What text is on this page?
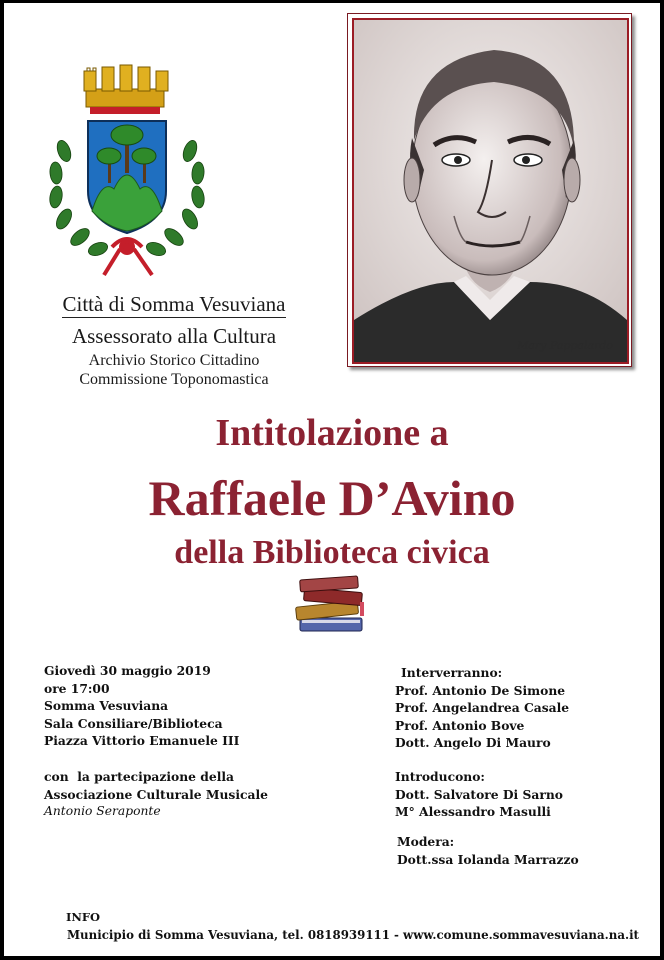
Città di Somma Vesuviana
Assessorato alla Cultura
Archivio Storico Cittadino
Commissione Toponomastica
Mary Pappalardo
Intitolazione a
Raffaele D’Avino
della Biblioteca civica
Giovedì 30 maggio 2019
ore 17:00
Somma Vesuviana
Sala Consiliare/Biblioteca
Piazza Vittorio Emanuele III
con  la partecipazione della
Associazione Culturale Musicale
Antonio Seraponte
Interverranno:
Prof. Antonio De Simone
Prof. Angelandrea Casale
Prof. Antonio Bove
Dott. Angelo Di Mauro
Introducono:
Dott. Salvatore Di Sarno
M° Alessandro Masulli
Modera:
Dott.ssa Iolanda Marrazzo
INFO
Municipio di Somma Vesuviana, tel. 0818939111 - www.comune.sommavesuviana.na.it
